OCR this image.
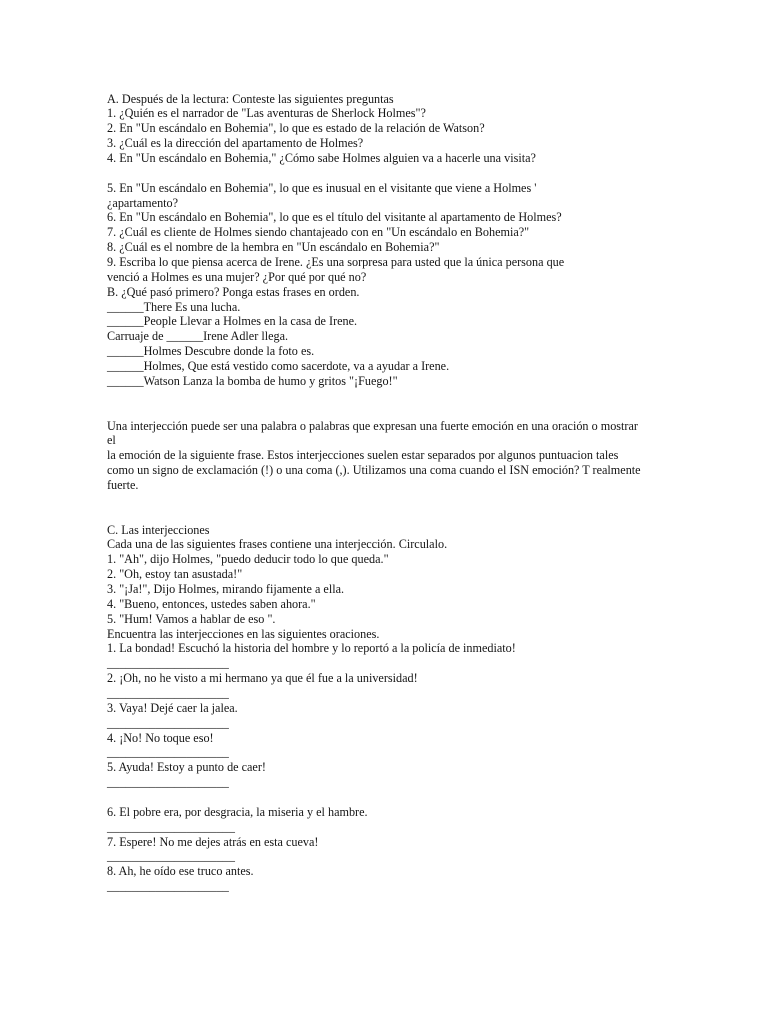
A. Después de la lectura: Conteste las siguientes preguntas
1. ¿Quién es el narrador de "Las aventuras de Sherlock Holmes"?
2. En "Un escándalo en Bohemia", lo que es estado de la relación de Watson?
3. ¿Cuál es la dirección del apartamento de Holmes?
4. En "Un escándalo en Bohemia," ¿Cómo sabe Holmes alguien va a hacerle una visita?
5. En "Un escándalo en Bohemia", lo que es inusual en el visitante que viene a Holmes '
¿apartamento?
6. En "Un escándalo en Bohemia", lo que es el título del visitante al apartamento de Holmes?
7. ¿Cuál es cliente de Holmes siendo chantajeado con en "Un escándalo en Bohemia?"
8. ¿Cuál es el nombre de la hembra en "Un escándalo en Bohemia?"
9. Escriba lo que piensa acerca de Irene. ¿Es una sorpresa para usted que la única persona que
venció a Holmes es una mujer? ¿Por qué por qué no?
B. ¿Qué pasó primero? Ponga estas frases en orden.
______There Es una lucha.
______People Llevar a Holmes en la casa de Irene.
Carruaje de ______Irene Adler llega.
______Holmes Descubre donde la foto es.
______Holmes, Que está vestido como sacerdote, va a ayudar a Irene.
______Watson Lanza la bomba de humo y gritos "¡Fuego!"
Una interjección puede ser una palabra o palabras que expresan una fuerte emoción en una oración o mostrar
el
la emoción de la siguiente frase. Estos interjecciones suelen estar separados por algunos puntuacion tales
como un signo de exclamación (!) o una coma (,). Utilizamos una coma cuando el ISN emoción? T realmente
fuerte.
C. Las interjecciones
Cada una de las siguientes frases contiene una interjección. Circulalo.
1. "Ah", dijo Holmes, "puedo deducir todo lo que queda."
2. "Oh, estoy tan asustada!"
3. "¡Ja!", Dijo Holmes, mirando fijamente a ella.
4. "Bueno, entonces, ustedes saben ahora."
5. "Hum! Vamos a hablar de eso ".
Encuentra las interjecciones en las siguientes oraciones.
1. La bondad! Escuchó la historia del hombre y lo reportó a la policía de inmediato!
____________________
2. ¡Oh, no he visto a mi hermano ya que él fue a la universidad!
____________________
3. Vaya! Dejé caer la jalea.
____________________
4. ¡No! No toque eso!
____________________
5. Ayuda! Estoy a punto de caer!
____________________
6. El pobre era, por desgracia, la miseria y el hambre.
_____________________
7. Espere! No me dejes atrás en esta cueva!
_____________________
8. Ah, he oído ese truco antes.
____________________
